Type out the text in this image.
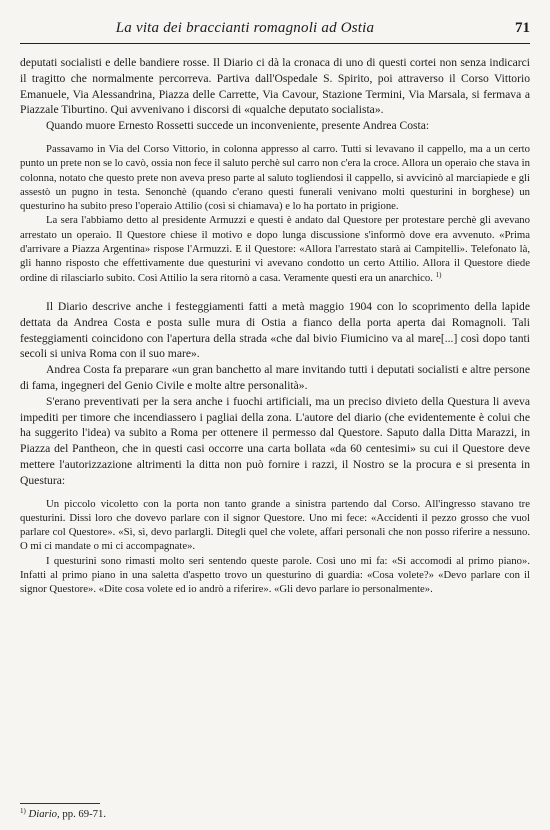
La vita dei braccianti romagnoli ad Ostia	71

deputati socialisti e delle bandiere rosse. Il Diario ci dà la cronaca di uno di questi cortei non senza indicarci il tragitto che normalmente percorreva. Partiva dall'Ospedale S. Spirito, poi attraverso il Corso Vittorio Emanuele, Via Alessandrina, Piazza delle Carrette, Via Cavour, Stazione Termini, Via Marsala, si fermava a Piazzale Tiburtino. Qui avvenivano i discorsi di «qualche deputato socialista».

Quando muore Ernesto Rossetti succede un inconveniente, presente Andrea Costa:

Passavamo in Via del Corso Vittorio, in colonna appresso al carro. Tutti si levavano il cappello, ma a un certo punto un prete non se lo cavò, ossia non fece il saluto perchè sul carro non c'era la croce. Allora un operaio che stava in colonna, notato che questo prete non aveva preso parte al saluto togliendosi il cappello, si avvicinò al marciapiede e gli assestò un pugno in testa. Senonchè (quando c'erano questi funerali venivano molti questurini in borghese) un questurino ha subito preso l'operaio Attilio (così si chiamava) e lo ha portato in prigione.

La sera l'abbiamo detto al presidente Armuzzi e questi è andato dal Questore per protestare perchè gli avevano arrestato un operaio. Il Questore chiese il motivo e dopo lunga discussione s'informò dove era avvenuto. «Prima d'arrivare a Piazza Argentina» rispose l'Armuzzi. E il Questore: «Allora l'arrestato starà ai Campitelli». Telefonato là, gli hanno risposto che effettivamente due questurini vi avevano condotto un certo Attilio. Allora il Questore diede ordine di rilasciarlo subito. Così Attilio la sera ritornò a casa. Veramente questi era un anarchico. $^{1)}$

Il Diario descrive anche i festeggiamenti fatti a metà maggio 1904 con lo scoprimento della lapide dettata da Andrea Costa e posta sulle mura di Ostia a fianco della porta aperta dai Romagnoli. Tali festeggiamenti coincidono con l'apertura della strada «che dal bivio Fiumicino va al mare[...] così dopo tanti secoli si univa Roma con il suo mare».

Andrea Costa fa preparare «un gran banchetto al mare invitando tutti i deputati socialisti e altre persone di fama, ingegneri del Genio Civile e molte altre personalità».

S'erano preventivati per la sera anche i fuochi artificiali, ma un preciso divieto della Questura li aveva impediti per timore che incendiassero i pagliai della zona. L'autore del diario (che evidentemente è colui che ha suggerito l'idea) va subito a Roma per ottenere il permesso dal Questore. Saputo dalla Ditta Marazzi, in Piazza del Pantheon, che in questi casi occorre una carta bollata «da 60 centesimi» su cui il Questore deve mettere l'autorizzazione altrimenti la ditta non può fornire i razzi, il Nostro se la procura e si presenta in Questura:

Un piccolo vicoletto con la porta non tanto grande a sinistra partendo dal Corso. All'ingresso stavano tre questurini. Dissi loro che dovevo parlare con il signor Questore. Uno mi fece: «Accidenti il pezzo grosso che vuol parlare col Questore». «Sì, sì, devo parlargli. Ditegli quel che volete, affari personali che non posso riferire a nessuno. O mi ci mandate o mi ci accompagnate».

I questurini sono rimasti molto seri sentendo queste parole. Così uno mi fa: «Si accomodi al primo piano». Infatti al primo piano in una saletta d'aspetto trovo un questurino di guardia: «Cosa volete?» «Devo parlare con il signor Questore». «Dite cosa volete ed io andrò a riferire». «Gli devo parlare io personalmente».

$^{1)}$ Diario, pp. 69-71.
